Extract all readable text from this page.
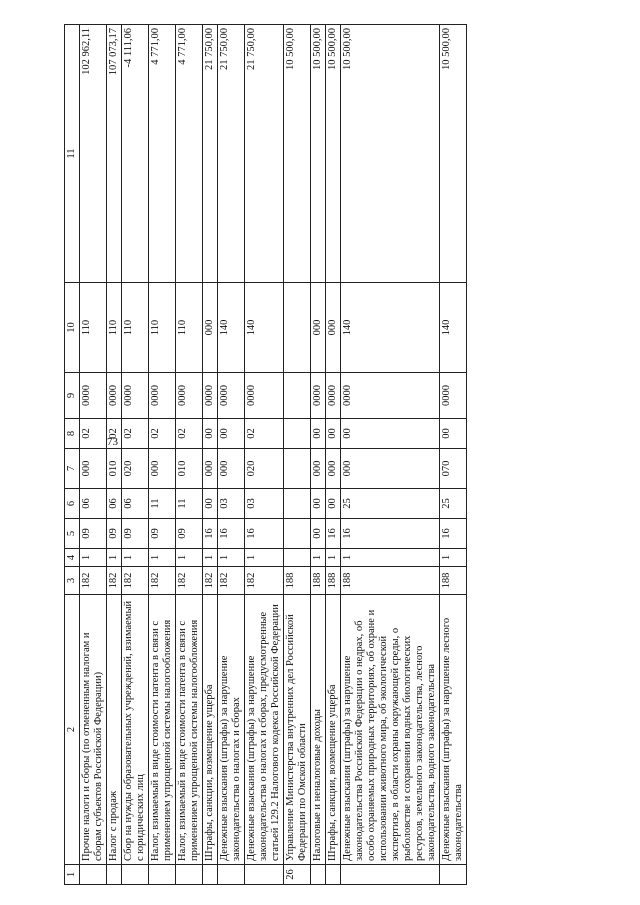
73
1	2	3	4	5	6	7	8	9	10	11
	Прочие налоги и сборы (по отмененным налогам и сборам субъектов Российской Федерации)	182	1	09	06	000	02	0000	110	102 962,11
	Налог с продаж	182	1	09	06	010	02	0000	110	107 073,17
	Сбор на нужды образовательных учреждений, взимаемый с юридических лиц	182	1	09	06	020	02	0000	110	-4 111,06
	Налог, взимаемый в виде стоимости патента в связи с применением упрощенной системы налогообложения	182	1	09	11	000	02	0000	110	4 771,00
	Налог, взимаемый в виде стоимости патента в связи с применением упрощенной системы налогообложения	182	1	09	11	010	02	0000	110	4 771,00
	Штрафы, санкции, возмещение ущерба	182	1	16	00	000	00	0000	000	21 750,00
	Денежные взыскания (штрафы) за нарушение законодательства о налогах и сборах	182	1	16	03	000	00	0000	140	21 750,00
	Денежные взыскания (штрафы) за нарушение законодательства о налогах и сборах, предусмотренные статьей 129.2 Налогового кодекса Российской Федерации	182	1	16	03	020	02	0000	140	21 750,00
26	Управление Министерства внутренних дел Российской Федерации по Омской области	188								10 500,00
	Налоговые и неналоговые доходы	188	1	00	00	000	00	0000	000	10 500,00
	Штрафы, санкции, возмещение ущерба	188	1	16	00	000	00	0000	000	10 500,00
	Денежные взыскания (штрафы) за нарушение законодательства Российской Федерации о недрах, об особо охраняемых природных территориях, об охране и использовании животного мира, об экологической экспертизе, в области охраны окружающей среды, о рыболовстве и сохранении водных биологических ресурсов, земельного законодательства, лесного законодательства, водного законодательства	188	1	16	25	000	00	0000	140	10 500,00
	Денежные взыскания (штрафы) за нарушение лесного законодательства	188	1	16	25	070	00	0000	140	10 500,00
